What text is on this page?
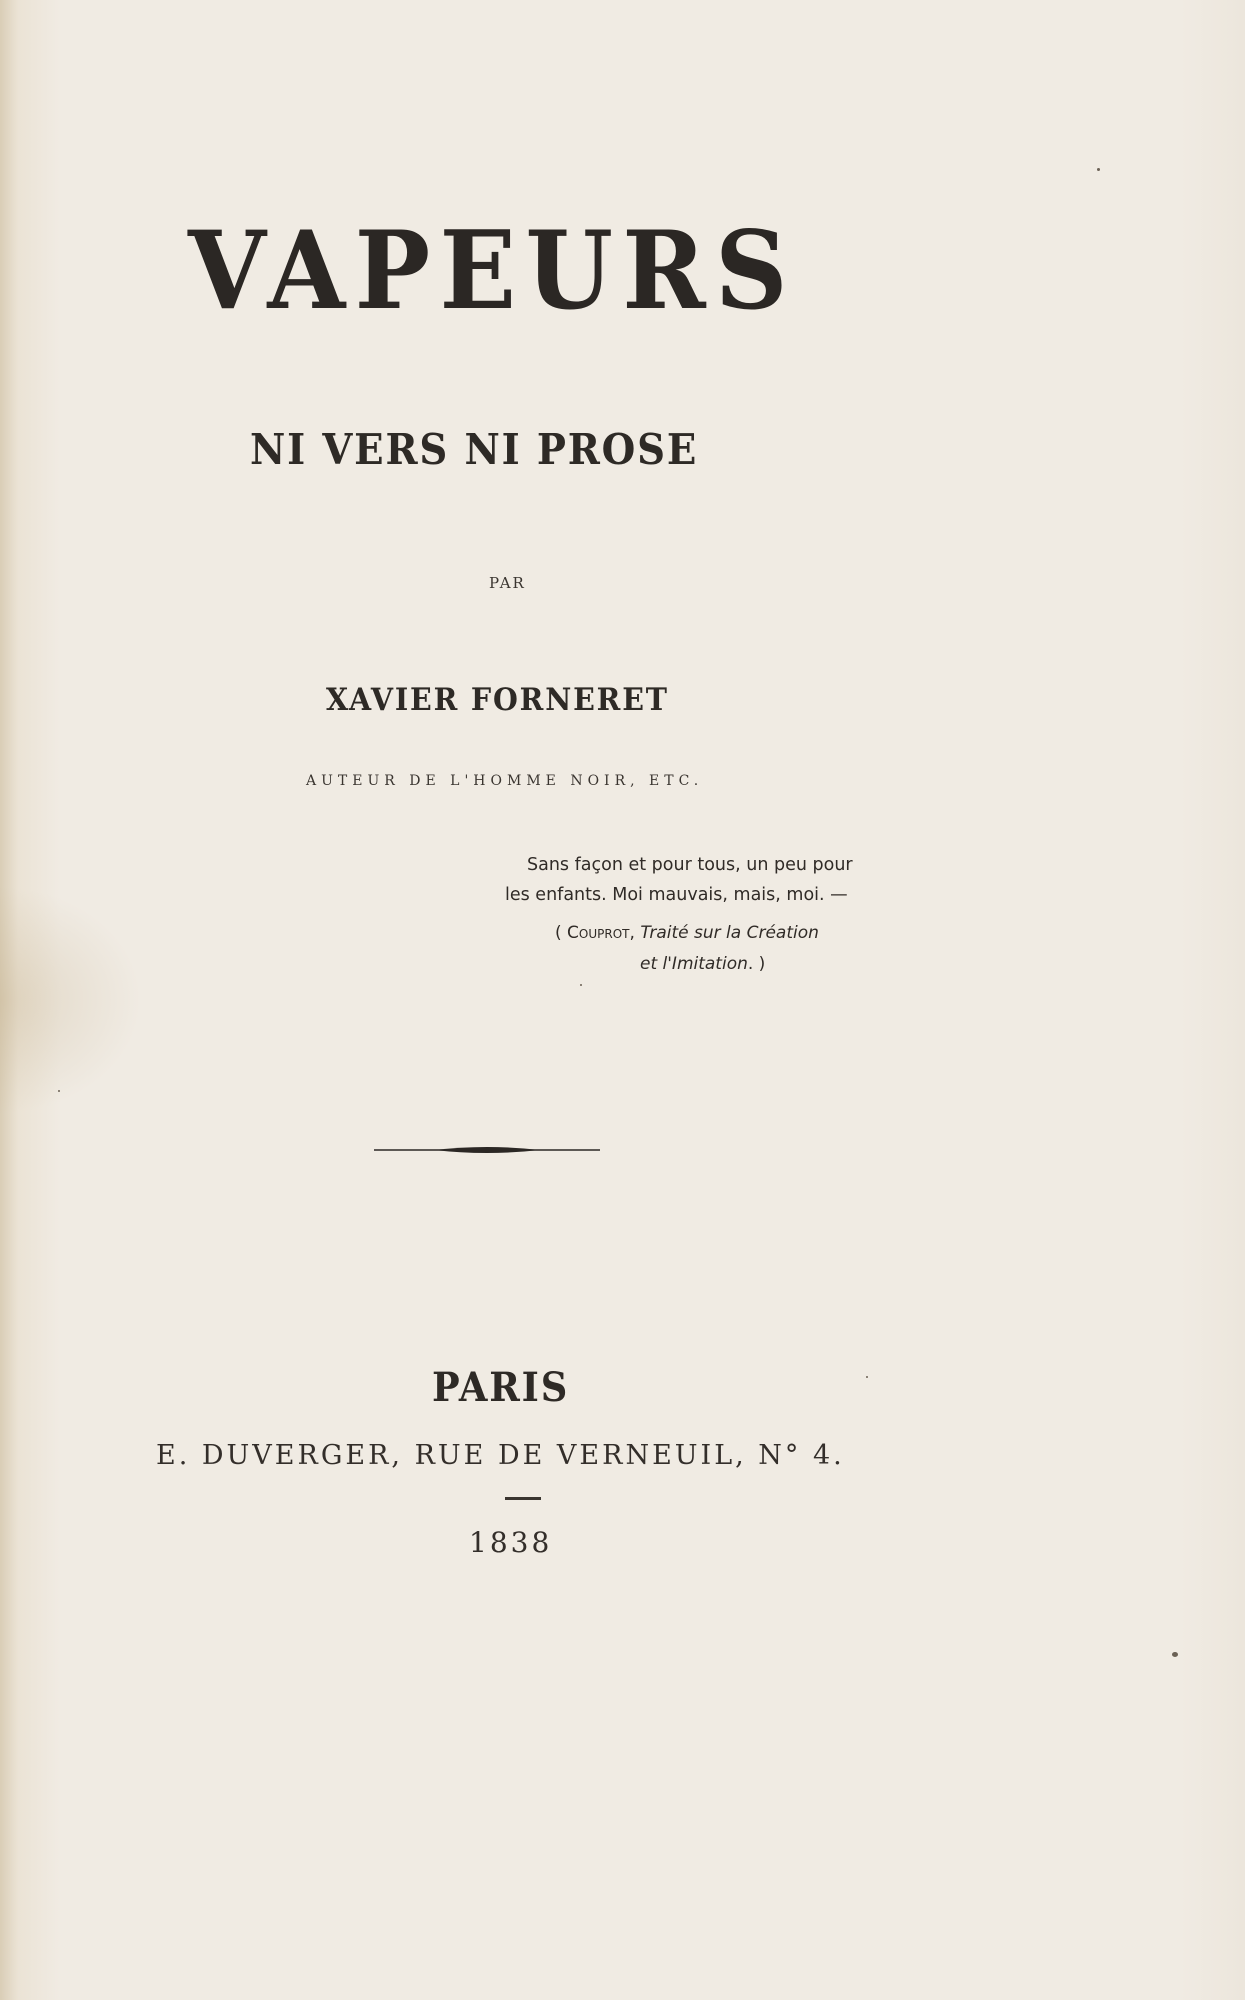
VAPEURS
NI VERS NI PROSE
PAR
XAVIER FORNERET
AUTEUR DE L'HOMME NOIR, ETC.
Sans façon et pour tous, un peu pour
les enfants. Moi mauvais, mais, moi. —
( Couprot, Traité sur la Création
et l'Imitation. )
PARIS
E. DUVERGER, RUE DE VERNEUIL, N° 4.
1838
